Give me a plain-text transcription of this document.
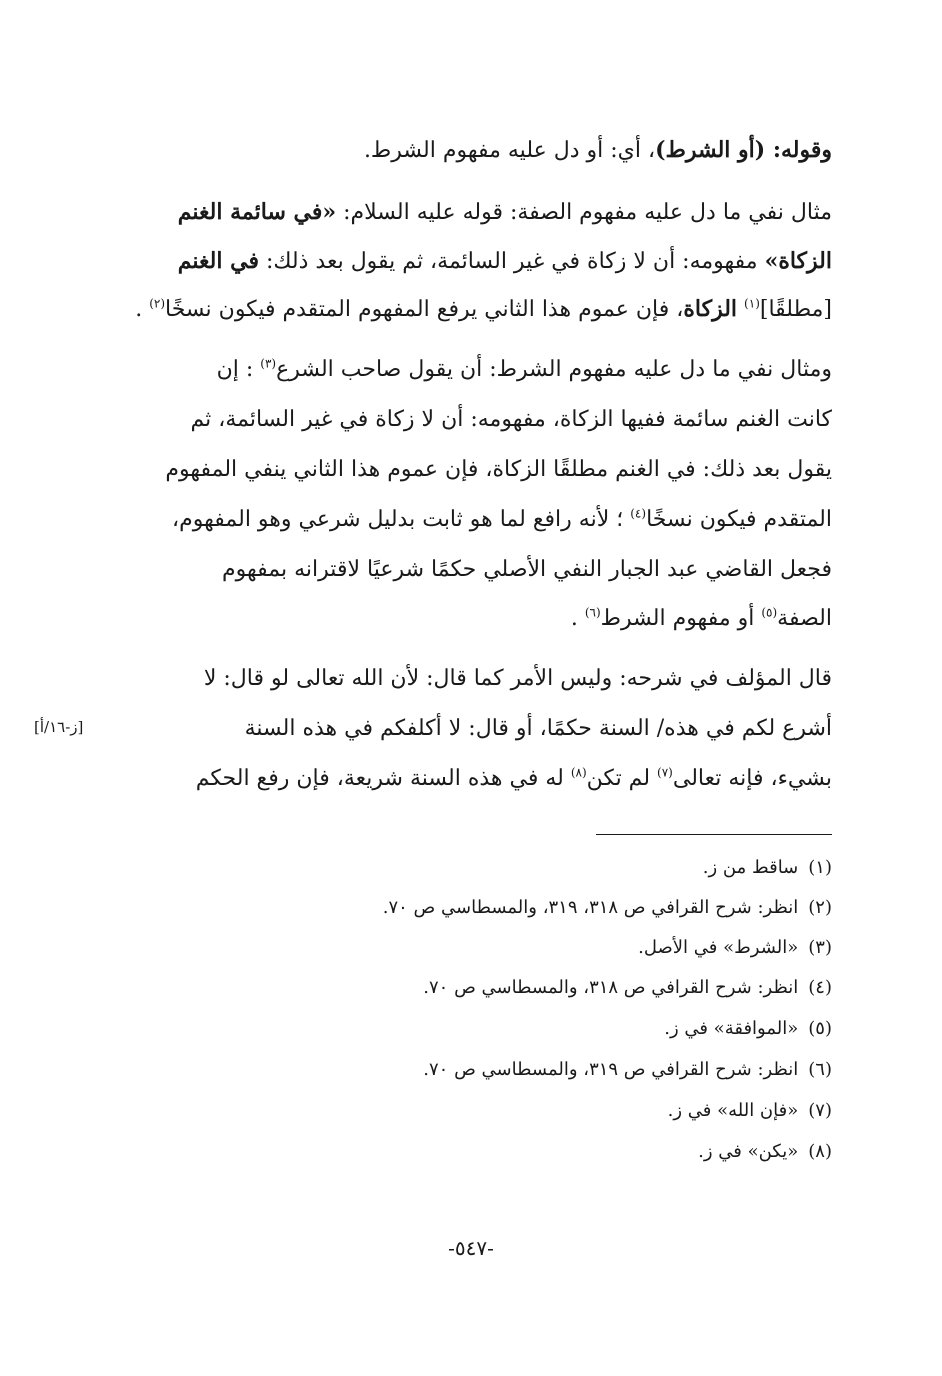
وقوله: (أو الشرط)، أي: أو دل عليه مفهوم الشرط.
مثال نفي ما دل عليه مفهوم الصفة: قوله عليه السلام: «في سائمة الغنم
الزكاة» مفهومه: أن لا زكاة في غير السائمة، ثم يقول بعد ذلك: في الغنم
[مطلقًا]$^{(١)}$ الزكاة، فإن عموم هذا الثاني يرفع المفهوم المتقدم فيكون نسخًا$^{(٢)}$ .
ومثال نفي ما دل عليه مفهوم الشرط: أن يقول صاحب الشرع$^{(٣)}$ : إن
كانت الغنم سائمة ففيها الزكاة، مفهومه: أن لا زكاة في غير السائمة، ثم
يقول بعد ذلك: في الغنم مطلقًا الزكاة، فإن عموم هذا الثاني ينفي المفهوم
المتقدم فيكون نسخًا$^{(٤)}$ ؛ لأنه رافع لما هو ثابت بدليل شرعي وهو المفهوم،
فجعل القاضي عبد الجبار النفي الأصلي حكمًا شرعيًا لاقترانه بمفهوم
الصفة$^{(٥)}$ أو مفهوم الشرط$^{(٦)}$ .
قال المؤلف في شرحه: وليس الأمر كما قال: لأن الله تعالى لو قال: لا
أشرع لكم في هذه/ السنة حكمًا، أو قال: لا أكلفكم في هذه السنة
بشيء، فإنه تعالى$^{(٧)}$ لم تكن$^{(٨)}$ له في هذه السنة شريعة، فإن رفع الحكم
[ز-١٦/أ]
(١)ساقط من ز.
(٢)انظر: شرح القرافي ص ٣١٨، ٣١٩، والمسطاسي ص ٧٠.
(٣)«الشرط» في الأصل.
(٤)انظر: شرح القرافي ص ٣١٨، والمسطاسي ص ٧٠.
(٥)«الموافقة» في ز.
(٦)انظر: شرح القرافي ص ٣١٩، والمسطاسي ص ٧٠.
(٧)«فإن الله» في ز.
(٨)«يكن» في ز.
-٥٤٧-
